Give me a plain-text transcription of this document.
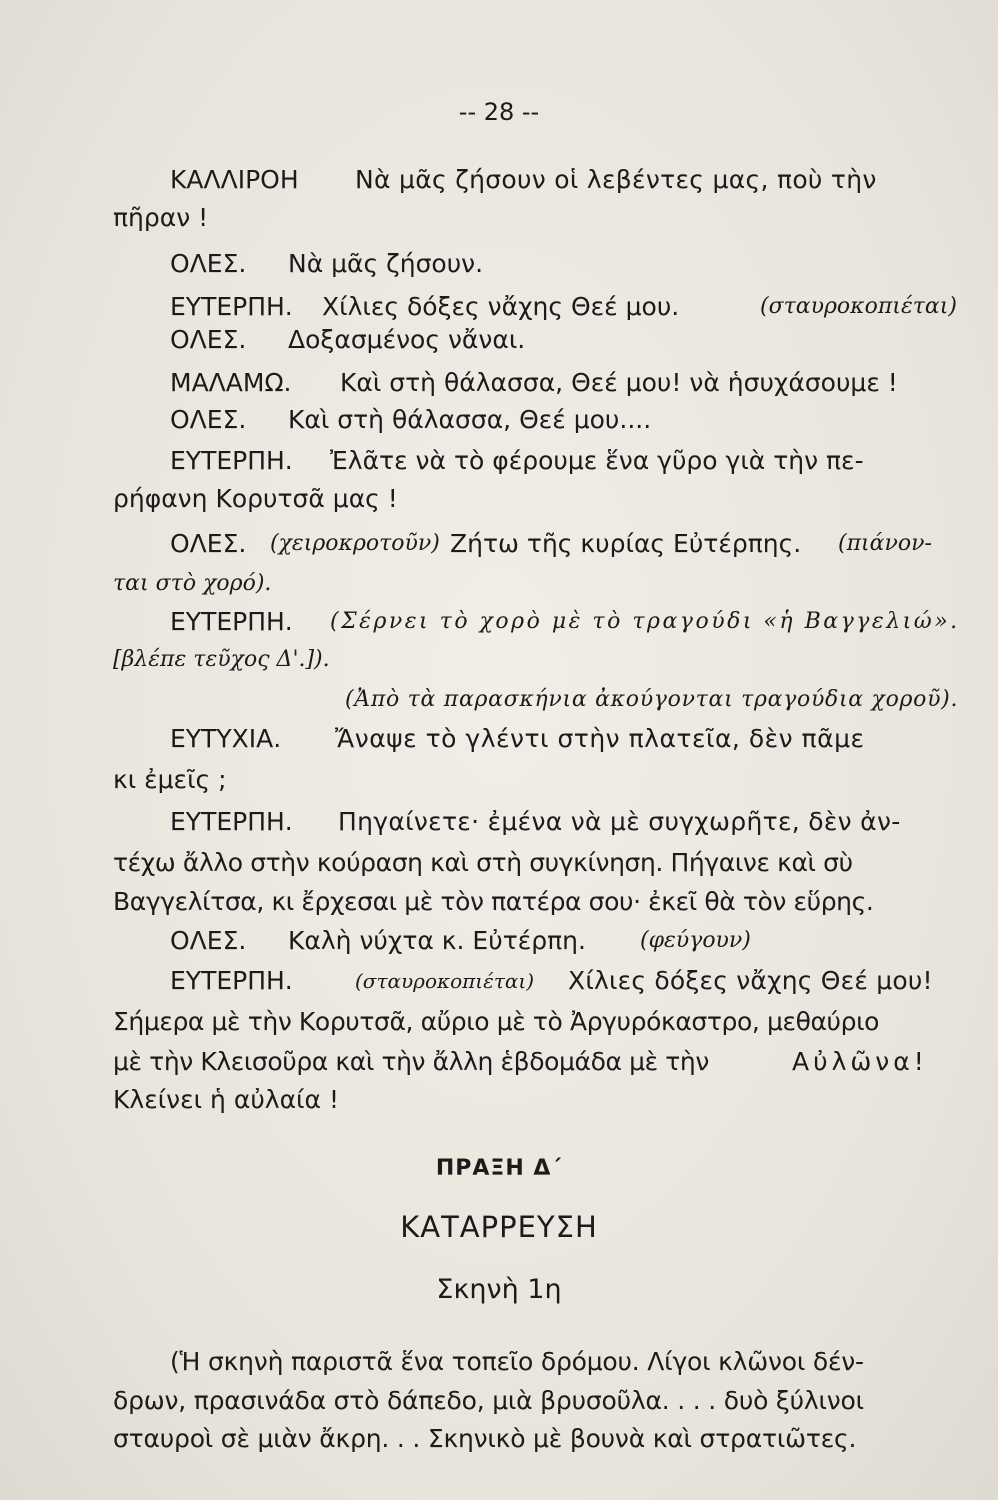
-- 28 --
ΚΑΛΛΙΡΟΗ Νὰ μᾶς ζήσουν οἱ λεβέντες μας, ποὺ τὴν
πῆραν !
ΟΛΕΣ. Νὰ μᾶς ζήσουν.
ΕΥΤΕΡΠΗ. Χίλιες δόξες νἄχης Θεέ μου.	(σταυροκοπιέται)
ΟΛΕΣ. Δοξασμένος νἄναι.
ΜΑΛΑΜΩ. Καὶ στὴ θάλασσα, Θεέ μου! νὰ ἡσυχάσουμε !
ΟΛΕΣ. Καὶ στὴ θάλασσα, Θεέ μου....
ΕΥΤΕΡΠΗ. Ἐλᾶτε νὰ τὸ φέρουμε ἕνα γῦρο γιὰ τὴν πε-
ρήφανη Κορυτσᾶ μας !
ΟΛΕΣ. (χειροκροτοῦν) Ζήτω τῆς κυρίας Εὐτέρπης. (πιάνον-
ται στὸ χορό).
ΕΥΤΕΡΠΗ. (Σέρνει τὸ χορὸ μὲ τὸ τραγούδι «ἡ Βαγγελιώ».
[βλέπε τεῦχος Δ'.]).
(Ἀπὸ τὰ παρασκήνια ἀκούγονται τραγούδια χοροῦ).
ΕΥΤΥΧΙΑ. Ἄναψε τὸ γλέντι στὴν πλατεῖα, δὲν πᾶμε
κι ἐμεῖς ;
ΕΥΤΕΡΠΗ. Πηγαίνετε· ἐμένα νὰ μὲ συγχωρῆτε, δὲν ἀν-
τέχω ἄλλο στὴν κούραση καὶ στὴ συγκίνηση. Πήγαινε καὶ σὺ
Βαγγελίτσα, κι ἔρχεσαι μὲ τὸν πατέρα σου· ἐκεῖ θὰ τὸν εὕρης.
ΟΛΕΣ. Καλὴ νύχτα κ. Εὐτέρπη. (φεύγουν)
ΕΥΤΕΡΠΗ.	(σταυροκοπιέται) Χίλιες δόξες νἄχης Θεέ μου!
Σήμερα μὲ τὴν Κορυτσᾶ, αὔριο μὲ τὸ Ἀργυρόκαστρο, μεθαύριο
μὲ τὴν Κλεισοῦρα καὶ τὴν ἄλλη ἑβδομάδα μὲ τὴν	Αὐλῶνα!
Κλείνει ἡ αὐλαία !
ΠΡΑΞΗ Δ΄
ΚΑΤΑΡΡΕΥΣΗ
Σκηνὴ 1η
(Ἡ σκηνὴ παριστᾶ ἕνα τοπεῖο δρόμου. Λίγοι κλῶνοι δέν-
δρων, πρασινάδα στὸ δάπεδο, μιὰ βρυσοῦλα. . . . δυὸ ξύλινοι
σταυροὶ σὲ μιὰν ἄκρη. . . Σκηνικὸ μὲ βουνὰ καὶ στρατιῶτες.
